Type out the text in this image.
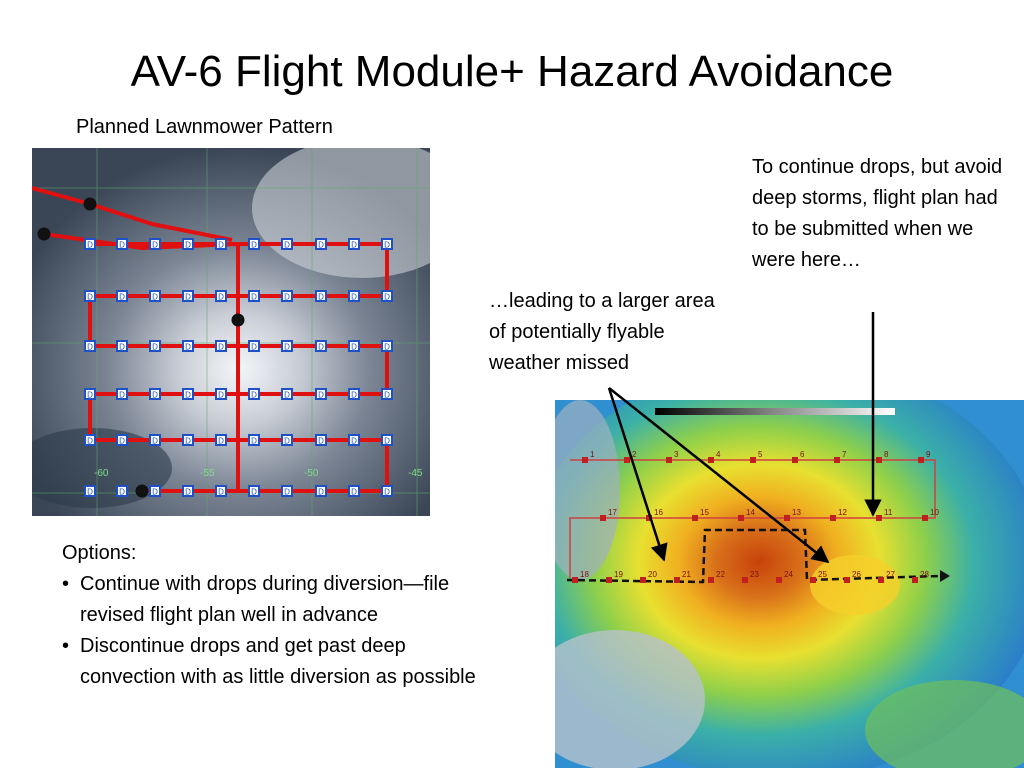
AV-6 Flight Module+ Hazard Avoidance
Planned Lawnmower Pattern
-60	-55	-50	-45
D	D	D	D	D	D	D	D	D	D
D	D	D	D	D	D	D	D	D	D
D	D	D	D	D	D	D	D	D	D
D	D	D	D	D	D	D	D	D	D
D	D	D	D	D	D	D	D	D	D
D	D	D	D	D	D	D	D	D	D
1	2	3	4	5	6	7	8	9
10
11
12
13
14
15
16
17
18	19	20	21	22	23	24	25	26	27	28
To continue drops, but avoid deep storms, flight plan had to be submitted when we were here…
…leading to a larger area of potentially flyable weather missed
Options:
• Continue with drops during diversion—file revised flight plan well in advance
• Discontinue drops and get past deep convection with as little diversion as possible
